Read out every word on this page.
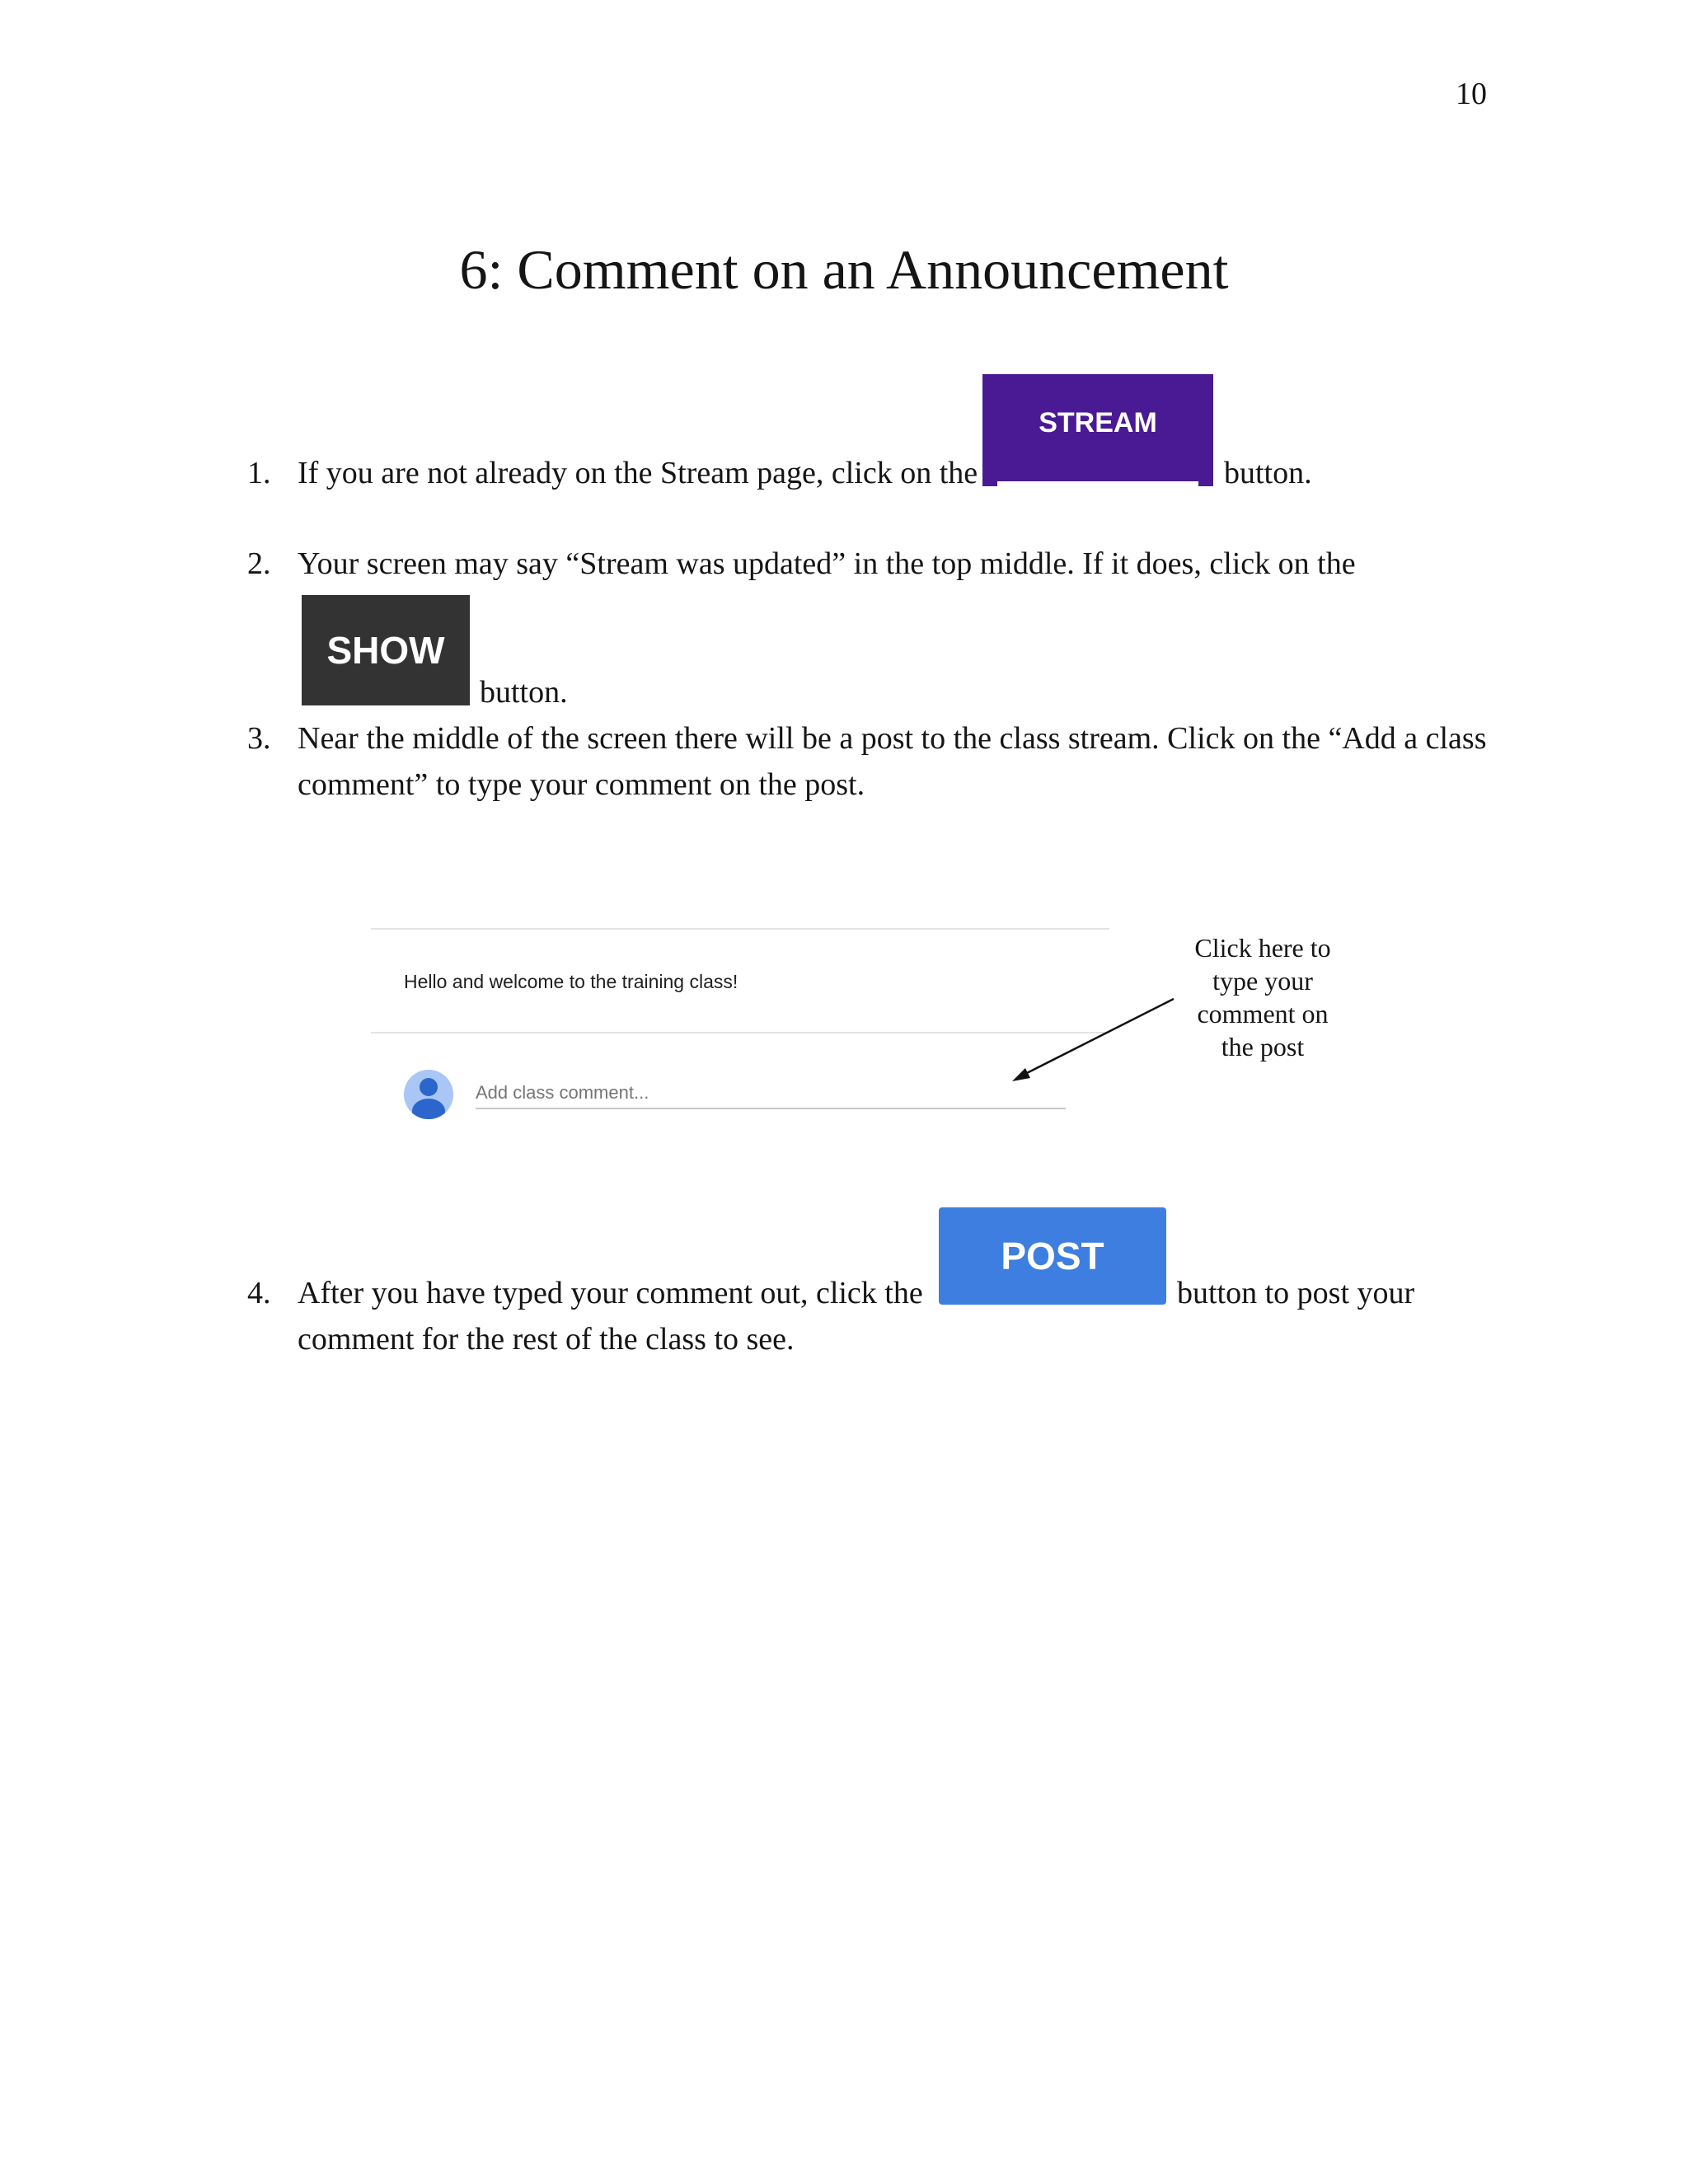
10
6: Comment on an Announcement
1. If you are not already on the Stream page, click on the
STREAM
button.
2. Your screen may say “Stream was updated” in the top middle. If it does, click on the
SHOW
button.
3. Near the middle of the screen there will be a post to the class stream. Click on the “Add a class
comment” to type your comment on the post.
Hello and welcome to the training class!
Add class comment...
Click here to
type your
comment on
the post
4. After you have typed your comment out, click the
POST
button to post your
comment for the rest of the class to see.
